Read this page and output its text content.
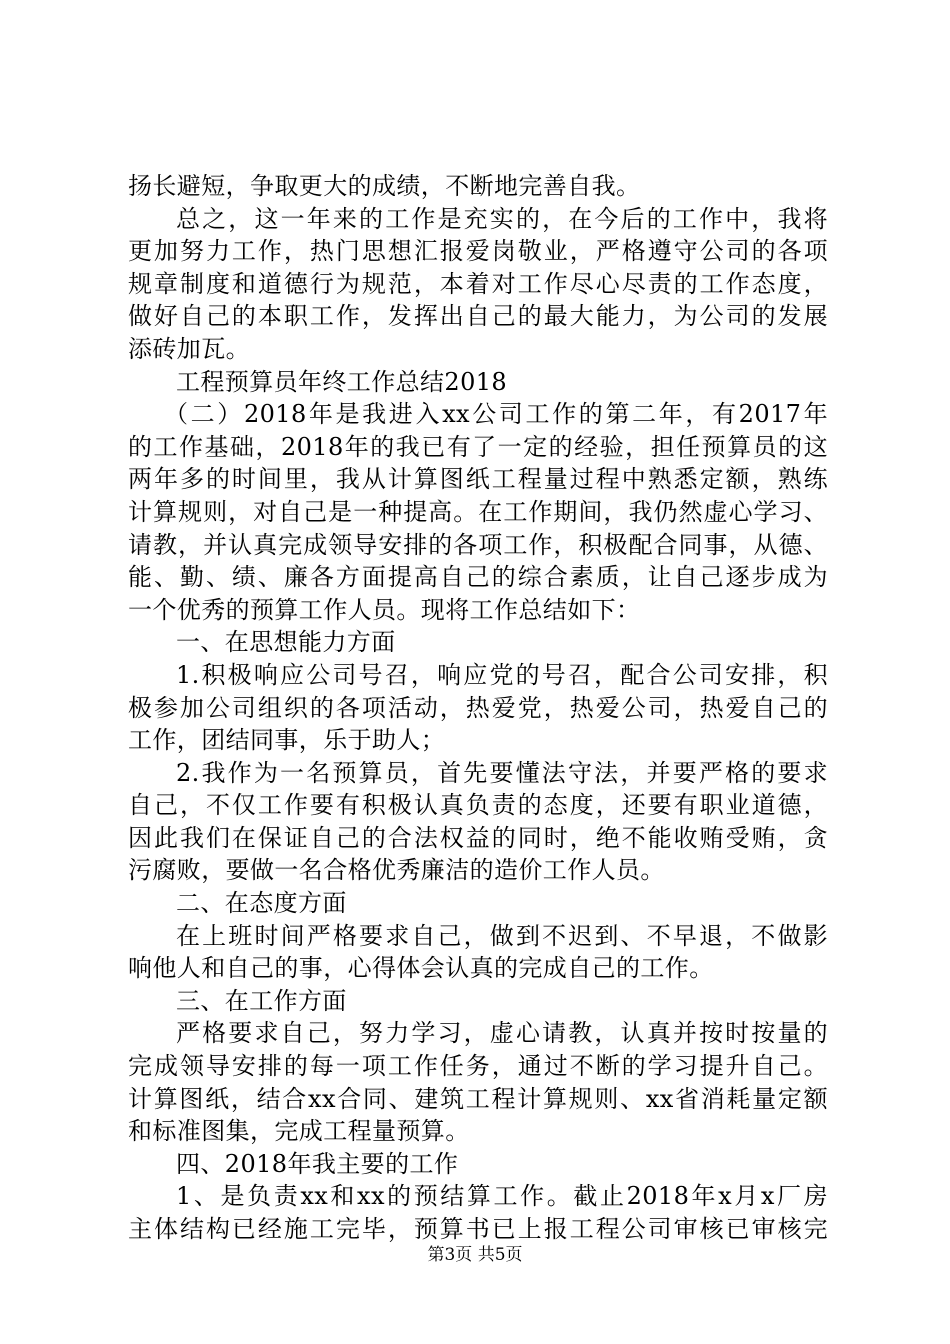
扬长避短，争取更大的成绩，不断地完善自我。
总之，这一年来的工作是充实的，在今后的工作中，我将
更加努力工作，热门思想汇报爱岗敬业，严格遵守公司的各项
规章制度和道德行为规范，本着对工作尽心尽责的工作态度，
做好自己的本职工作，发挥出自己的最大能力，为公司的发展
添砖加瓦。
工程预算员年终工作总结2018
（二）2018年是我进入xx公司工作的第二年，有2017年
的工作基础，2018年的我已有了一定的经验，担任预算员的这
两年多的时间里，我从计算图纸工程量过程中熟悉定额，熟练
计算规则，对自己是一种提高。在工作期间，我仍然虚心学习、
请教，并认真完成领导安排的各项工作，积极配合同事，从德、
能、勤、绩、廉各方面提高自己的综合素质，让自己逐步成为
一个优秀的预算工作人员。现将工作总结如下：
一、在思想能力方面
1.积极响应公司号召，响应党的号召，配合公司安排，积
极参加公司组织的各项活动，热爱党，热爱公司，热爱自己的
工作，团结同事，乐于助人；
2.我作为一名预算员，首先要懂法守法，并要严格的要求
自己，不仅工作要有积极认真负责的态度，还要有职业道德，
因此我们在保证自己的合法权益的同时，绝不能收贿受贿，贪
污腐败，要做一名合格优秀廉洁的造价工作人员。
二、在态度方面
在上班时间严格要求自己，做到不迟到、不早退，不做影
响他人和自己的事，心得体会认真的完成自己的工作。
三、在工作方面
严格要求自己，努力学习，虚心请教，认真并按时按量的
完成领导安排的每一项工作任务，通过不断的学习提升自己。
计算图纸，结合xx合同、建筑工程计算规则、xx省消耗量定额
和标准图集，完成工程量预算。
四、2018年我主要的工作
1、是负责xx和xx的预结算工作。截止2018年x月x厂房
主体结构已经施工完毕，预算书已上报工程公司审核已审核完
第3页 共5页
